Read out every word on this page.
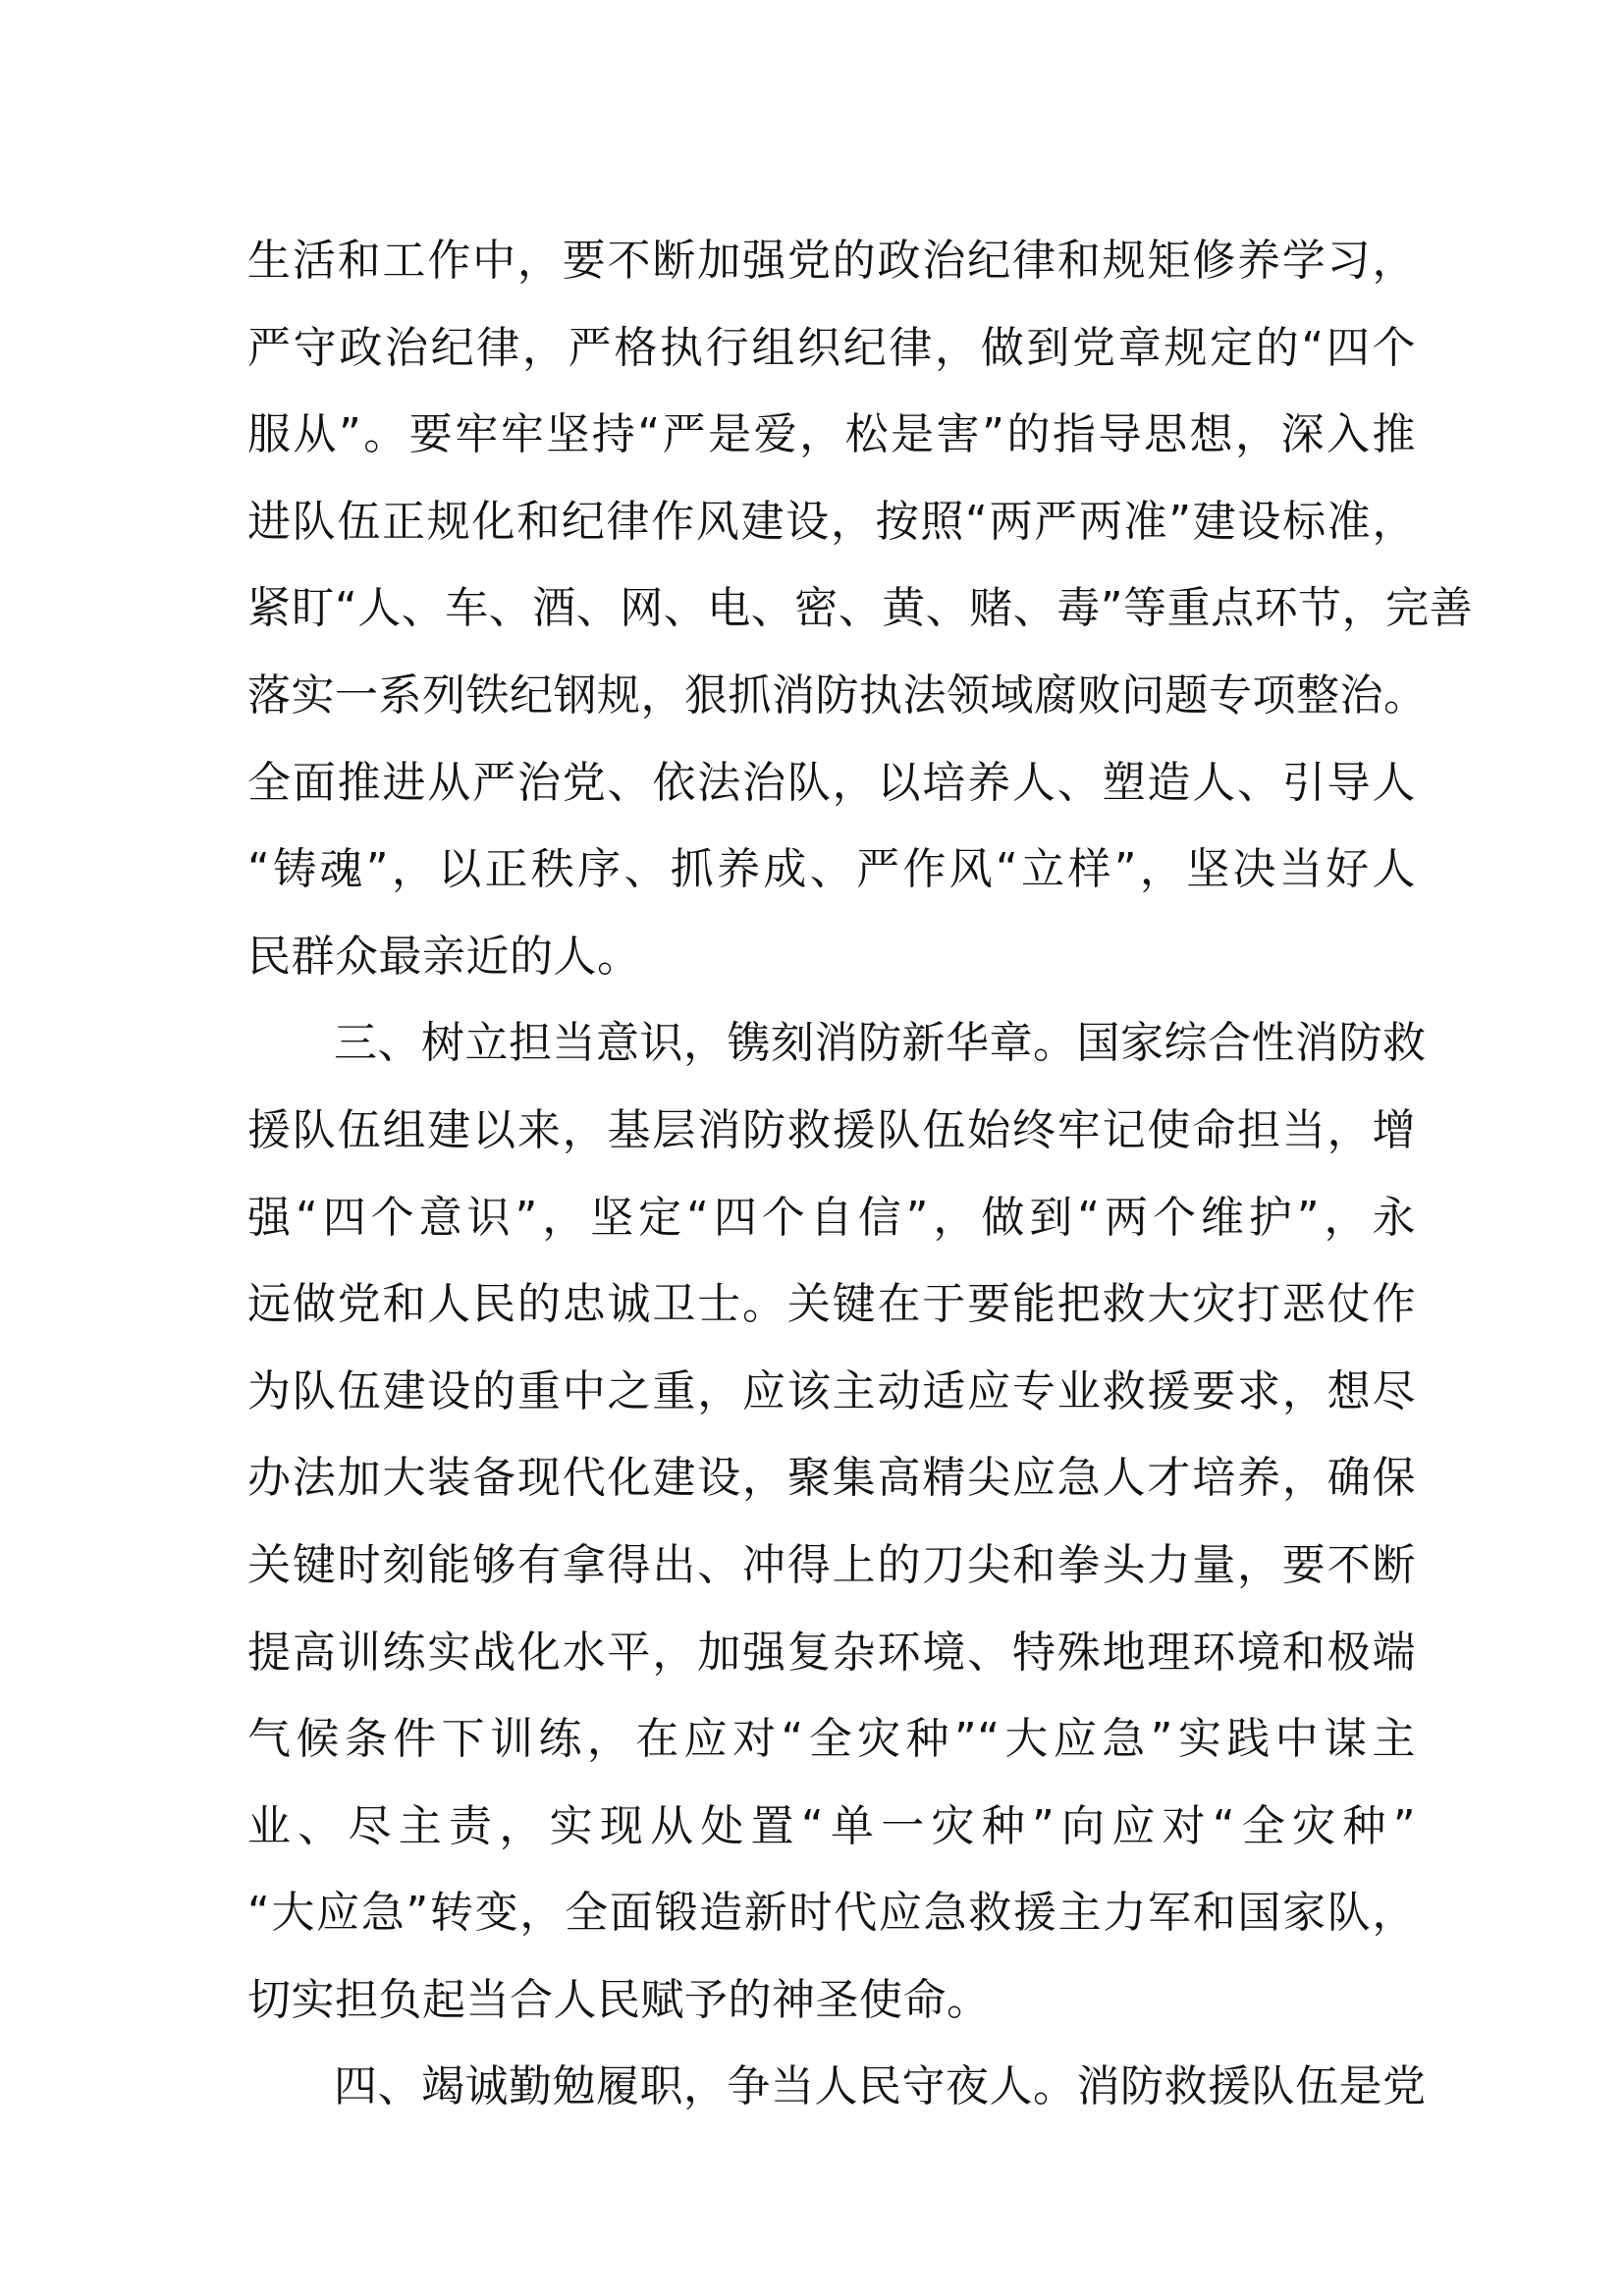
生活和工作中，要不断加强党的政治纪律和规矩修养学习，
严守政治纪律，严格执行组织纪律，做到党章规定的“四个
服从”。要牢牢坚持“严是爱，松是害”的指导思想，深入推
进队伍正规化和纪律作风建设，按照“两严两准”建设标准，
紧盯“人、车、酒、网、电、密、黄、赌、毒”等重点环节，完善
落实一系列铁纪钢规，狠抓消防执法领域腐败问题专项整治。
全面推进从严治党、依法治队，以培养人、塑造人、引导人
“铸魂”，以正秩序、抓养成、严作风“立样”，坚决当好人
民群众最亲近的人。
三、树立担当意识，镌刻消防新华章。国家综合性消防救
援队伍组建以来，基层消防救援队伍始终牢记使命担当，增
强“四个意识”，坚定“四个自信”，做到“两个维护”，永
远做党和人民的忠诚卫士。关键在于要能把救大灾打恶仗作
为队伍建设的重中之重，应该主动适应专业救援要求，想尽
办法加大装备现代化建设，聚集高精尖应急人才培养，确保
关键时刻能够有拿得出、冲得上的刀尖和拳头力量，要不断
提高训练实战化水平，加强复杂环境、特殊地理环境和极端
气候条件下训练，在应对“全灾种”“大应急”实践中谋主
业、尽主责，实现从处置“单一灾种”向应对“全灾种”
“大应急”转变，全面锻造新时代应急救援主力军和国家队，
切实担负起当合人民赋予的神圣使命。
四、竭诚勤勉履职，争当人民守夜人。消防救援队伍是党
